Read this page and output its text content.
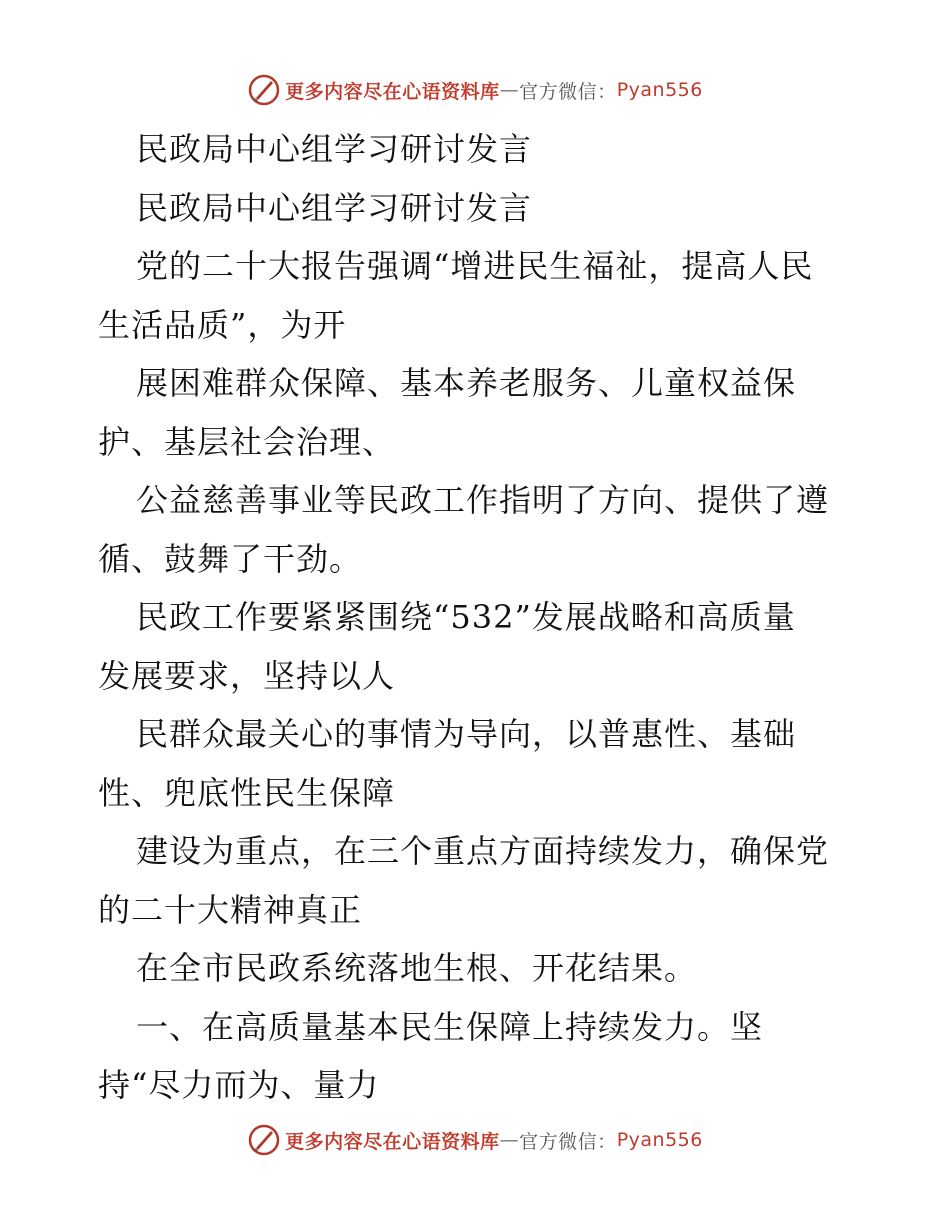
更多内容尽在心语资料库 — 官方微信： Pyan556
民政局中心组学习研讨发言
民政局中心组学习研讨发言
党的二十大报告强调“增进民生福祉，提高人民
生活品质”，为开
展困难群众保障、基本养老服务、儿童权益保
护、基层社会治理、
公益慈善事业等民政工作指明了方向、提供了遵
循、鼓舞了干劲。
民政工作要紧紧围绕“532”发展战略和高质量
发展要求，坚持以人
民群众最关心的事情为导向，以普惠性、基础
性、兜底性民生保障
建设为重点，在三个重点方面持续发力，确保党
的二十大精神真正
在全市民政系统落地生根、开花结果。
一、在高质量基本民生保障上持续发力。坚
持“尽力而为、量力
更多内容尽在心语资料库 — 官方微信： Pyan556
